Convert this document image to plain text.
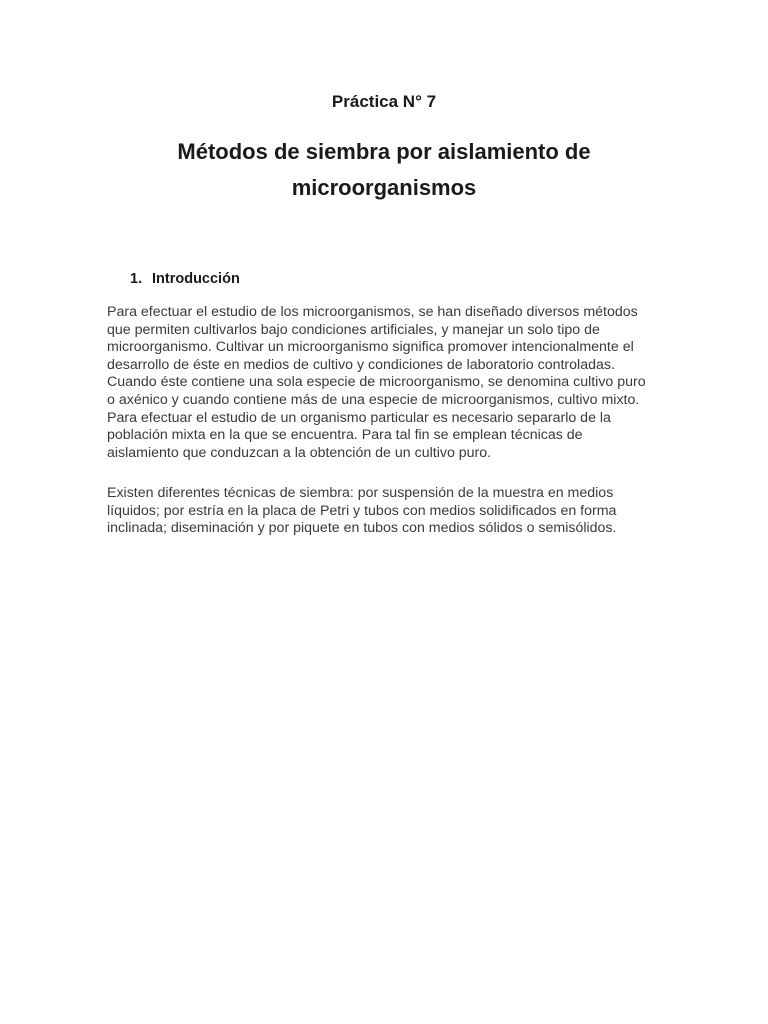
Práctica N° 7
Métodos de siembra por aislamiento de
microorganismos
1. Introducción
Para efectuar el estudio de los microorganismos, se han diseñado diversos métodos
que permiten cultivarlos bajo condiciones artificiales, y manejar un solo tipo de
microorganismo. Cultivar un microorganismo significa promover intencionalmente el
desarrollo de éste en medios de cultivo y condiciones de laboratorio controladas.
Cuando éste contiene una sola especie de microorganismo, se denomina cultivo puro
o axénico y cuando contiene más de una especie de microorganismos, cultivo mixto.
Para efectuar el estudio de un organismo particular es necesario separarlo de la
población mixta en la que se encuentra. Para tal fin se emplean técnicas de
aislamiento que conduzcan a la obtención de un cultivo puro.
Existen diferentes técnicas de siembra: por suspensión de la muestra en medios
líquidos; por estría en la placa de Petri y tubos con medios solidificados en forma
inclinada; diseminación y por piquete en tubos con medios sólidos o semisólidos.
